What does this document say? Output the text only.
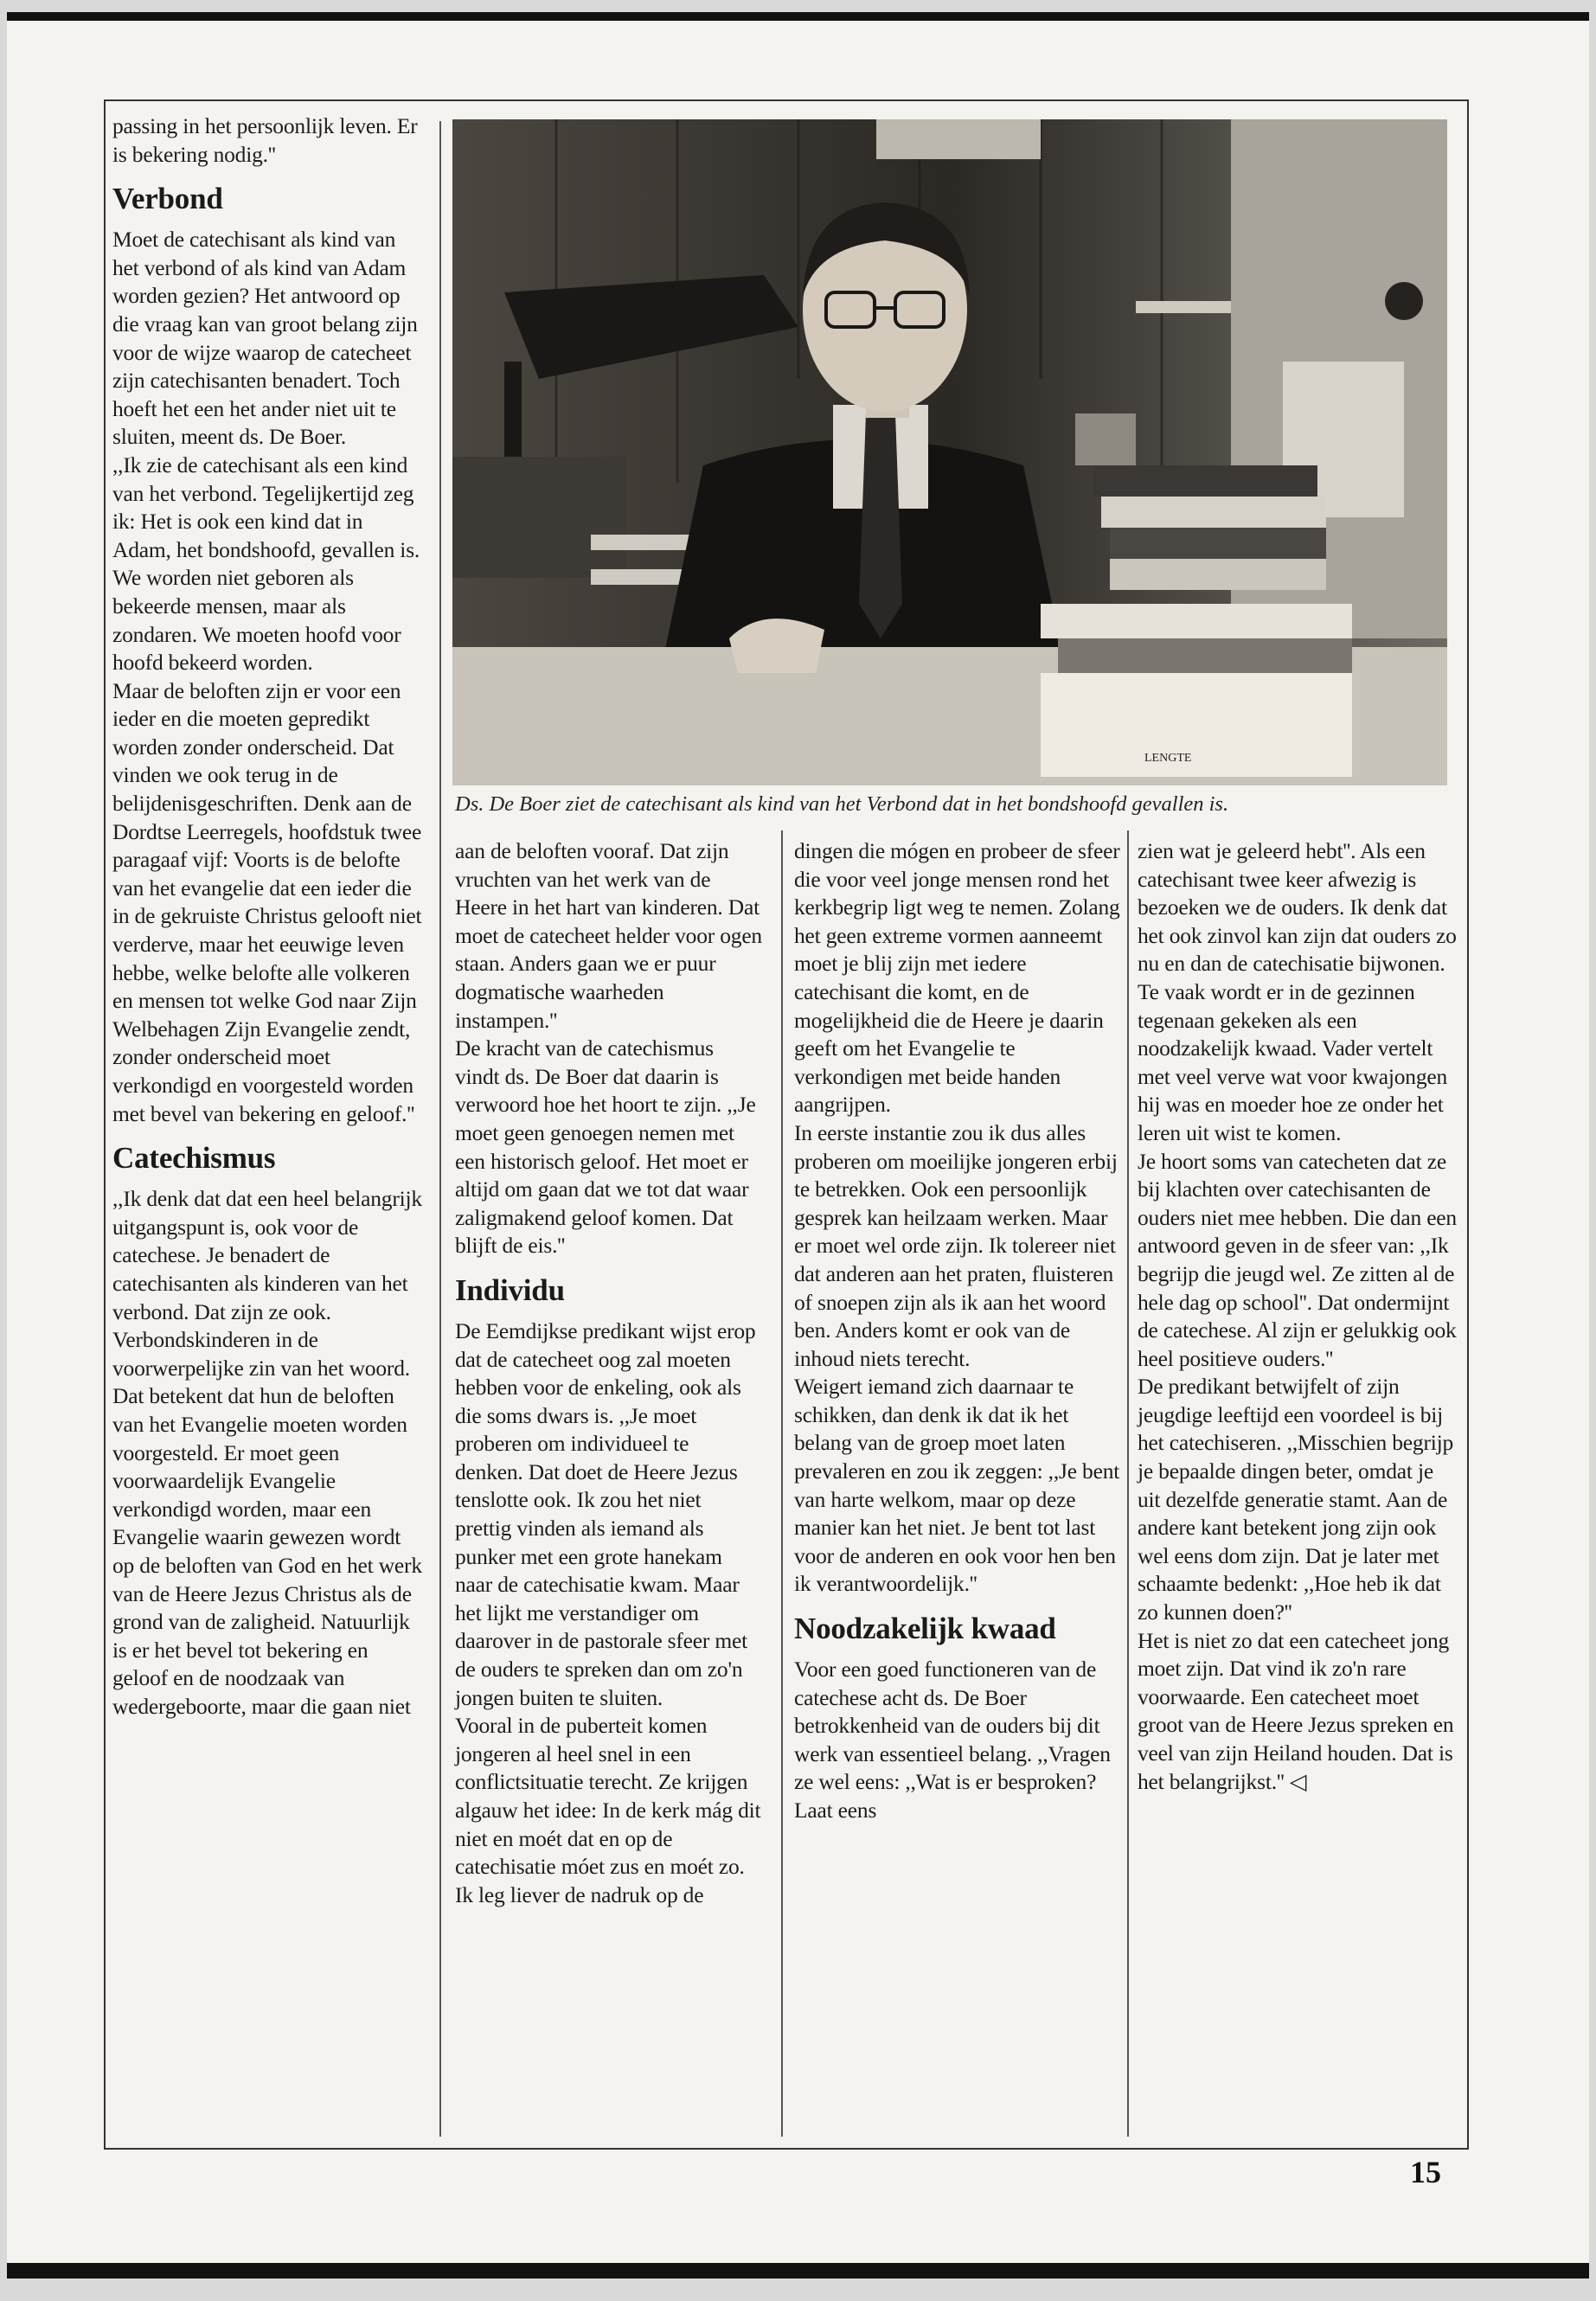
LENGTE
Ds. De Boer ziet de catechisant als kind van het Verbond dat in het bondshoofd gevallen is.

passing in het persoonlijk leven. Er is bekering nodig.''

Verbond

Moet de catechisant als kind van het verbond of als kind van Adam worden gezien? Het antwoord op die vraag kan van groot belang zijn voor de wijze waarop de catecheet zijn catechisanten benadert. Toch hoeft het een het ander niet uit te sluiten, meent ds. De Boer.

,,Ik zie de catechisant als een kind van het verbond. Tegelijkertijd zeg ik: Het is ook een kind dat in Adam, het bondshoofd, gevallen is. We worden niet geboren als bekeerde mensen, maar als zondaren. We moeten hoofd voor hoofd bekeerd worden.

Maar de beloften zijn er voor een ieder en die moeten gepredikt worden zonder onderscheid. Dat vinden we ook terug in de belijdenisgeschriften. Denk aan de Dordtse Leerregels, hoofdstuk twee paragaaf vijf: Voorts is de belofte van het evangelie dat een ieder die in de gekruiste Christus gelooft niet verderve, maar het eeuwige leven hebbe, welke belofte alle volkeren en mensen tot welke God naar Zijn Welbehagen Zijn Evangelie zendt, zonder onderscheid moet verkondigd en voorgesteld worden met bevel van bekering en geloof.''

Catechismus

,,Ik denk dat dat een heel belangrijk uitgangspunt is, ook voor de catechese. Je benadert de catechisanten als kinderen van het verbond. Dat zijn ze ook. Verbondskinderen in de voorwerpelijke zin van het woord. Dat betekent dat hun de beloften van het Evangelie moeten worden voorgesteld. Er moet geen voorwaardelijk Evangelie verkondigd worden, maar een Evangelie waarin gewezen wordt op de beloften van God en het werk van de Heere Jezus Christus als de grond van de zaligheid. Natuurlijk is er het bevel tot bekering en geloof en de noodzaak van wedergeboorte, maar die gaan niet

aan de beloften vooraf. Dat zijn vruchten van het werk van de Heere in het hart van kinderen. Dat moet de catecheet helder voor ogen staan. Anders gaan we er puur dogmatische waarheden instampen.''

De kracht van de catechismus vindt ds. De Boer dat daarin is verwoord hoe het hoort te zijn. ,,Je moet geen genoegen nemen met een historisch geloof. Het moet er altijd om gaan dat we tot dat waar zaligmakend geloof komen. Dat blijft de eis.''

Individu

De Eemdijkse predikant wijst erop dat de catecheet oog zal moeten hebben voor de enkeling, ook als die soms dwars is. ,,Je moet proberen om individueel te denken. Dat doet de Heere Jezus tenslotte ook. Ik zou het niet prettig vinden als iemand als punker met een grote hanekam naar de catechisatie kwam. Maar het lijkt me verstandiger om daarover in de pastorale sfeer met de ouders te spreken dan om zo'n jongen buiten te sluiten.

Vooral in de puberteit komen jongeren al heel snel in een conflictsituatie terecht. Ze krijgen algauw het idee: In de kerk mág dit niet en moét dat en op de catechisatie móet zus en moét zo. Ik leg liever de nadruk op de

dingen die mógen en probeer de sfeer die voor veel jonge mensen rond het kerkbegrip ligt weg te nemen. Zolang het geen extreme vormen aanneemt moet je blij zijn met iedere catechisant die komt, en de mogelijkheid die de Heere je daarin geeft om het Evangelie te verkondigen met beide handen aangrijpen.

In eerste instantie zou ik dus alles proberen om moeilijke jongeren erbij te betrekken. Ook een persoonlijk gesprek kan heilzaam werken. Maar er moet wel orde zijn. Ik tolereer niet dat anderen aan het praten, fluisteren of snoepen zijn als ik aan het woord ben. Anders komt er ook van de inhoud niets terecht.

Weigert iemand zich daarnaar te schikken, dan denk ik dat ik het belang van de groep moet laten prevaleren en zou ik zeggen: ,,Je bent van harte welkom, maar op deze manier kan het niet. Je bent tot last voor de anderen en ook voor hen ben ik verantwoordelijk.''

Noodzakelijk kwaad

Voor een goed functioneren van de catechese acht ds. De Boer betrokkenheid van de ouders bij dit werk van essentieel belang. ,,Vragen ze wel eens: ,,Wat is er besproken? Laat eens

zien wat je geleerd hebt''. Als een catechisant twee keer afwezig is bezoeken we de ouders. Ik denk dat het ook zinvol kan zijn dat ouders zo nu en dan de catechisatie bijwonen. Te vaak wordt er in de gezinnen tegenaan gekeken als een noodzakelijk kwaad. Vader vertelt met veel verve wat voor kwajongen hij was en moeder hoe ze onder het leren uit wist te komen.

Je hoort soms van catecheten dat ze bij klachten over catechisanten de ouders niet mee hebben. Die dan een antwoord geven in de sfeer van: ,,Ik begrijp die jeugd wel. Ze zitten al de hele dag op school''. Dat ondermijnt de catechese. Al zijn er gelukkig ook heel positieve ouders.''

De predikant betwijfelt of zijn jeugdige leeftijd een voordeel is bij het catechiseren. ,,Misschien begrijp je bepaalde dingen beter, omdat je uit dezelfde generatie stamt. Aan de andere kant betekent jong zijn ook wel eens dom zijn. Dat je later met schaamte bedenkt: ,,Hoe heb ik dat zo kunnen doen?''

Het is niet zo dat een catecheet jong moet zijn. Dat vind ik zo'n rare voorwaarde. Een catecheet moet groot van de Heere Jezus spreken en veel van zijn Heiland houden. Dat is het belangrijkst.'' ◁

15
